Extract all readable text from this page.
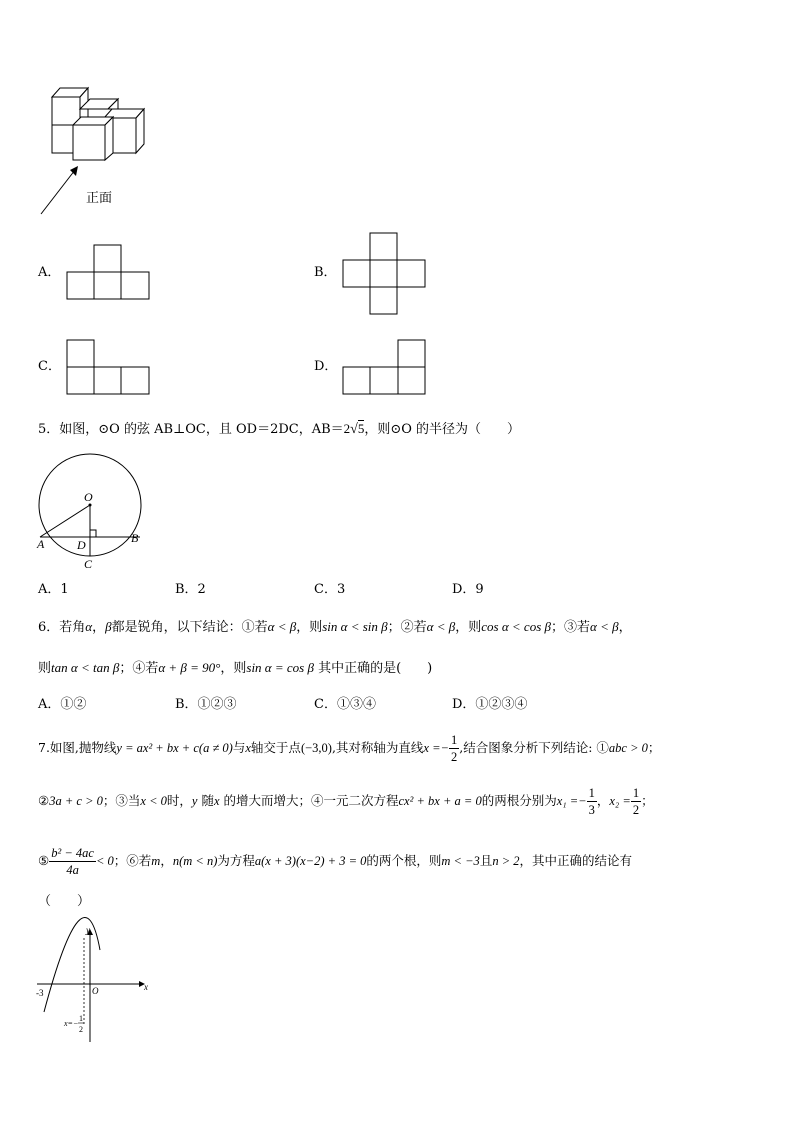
正面
A．	B．
C．	D．
5．如图，⊙O 的弦 AB⊥OC，且 OD＝2DC，AB＝2√5，则⊙O 的半径为（　　）
O
A	B
C
D
A．1	B．2	C．3	D．9
6．若角α，β都是锐角，以下结论：①若α < β，则sin α < sin β；②若α < β，则cos α < cos β；③若α < β，
则tan α < tan β；④若α + β = 90°，则sin α = cos β 其中正确的是(　　)
A．①②	B．①②③	C．①③④	D．①②③④
7.如图,抛物线y = ax² + bx + c(a ≠ 0)与x轴交于点(−3,0),其对称轴为直线$x =- \frac{1}{2}$ ,结合图象分析下列结论: ①abc > 0；
②3a + c > 0；③当x < 0时，y 随x 的增大而增大；④一元二次方程cx² + bx + a = 0的两根分别为$x_1 =- \frac{1}{3}$ ，$x_2 = \frac{1}{2}$ ；
⑤ $\frac{\text{b² − 4ac}}{4a} < 0$；⑥若m，n(m < n)为方程a(x + 3)(x−2) + 3 = 0的两个根，则m < −3且n > 2，其中正确的结论有
（　　）
y
x
O
-3
x=−
1
2
